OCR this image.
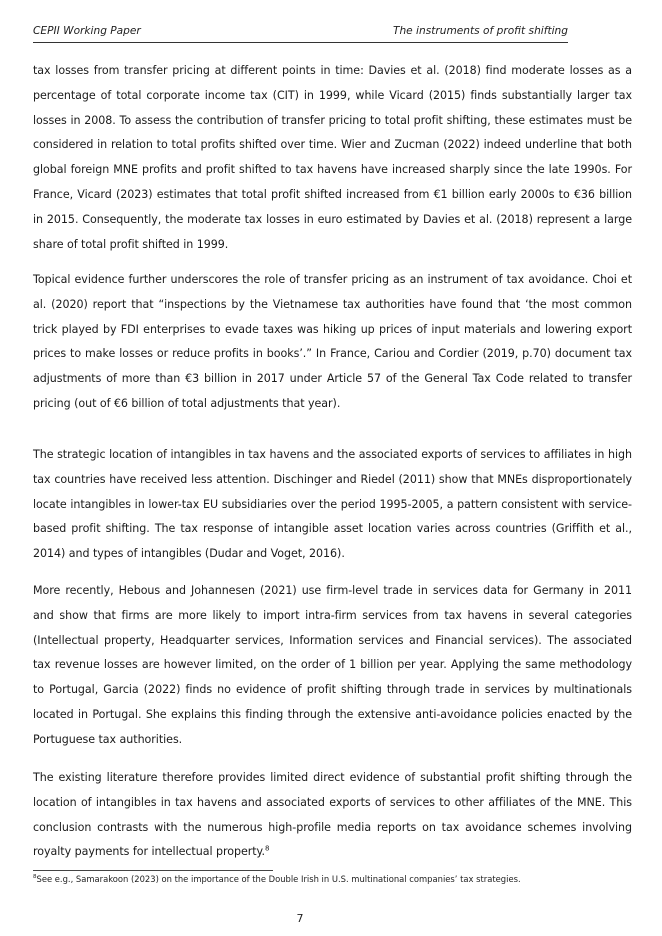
CEPII Working Paper	The instruments of profit shifting

tax losses from transfer pricing at different points in time: Davies et al. (2018) find moderate losses as a percentage of total corporate income tax (CIT) in 1999, while Vicard (2015) finds substantially larger tax losses in 2008. To assess the contribution of transfer pricing to total profit shifting, these estimates must be considered in relation to total profits shifted over time. Wier and Zucman (2022) indeed underline that both global foreign MNE profits and profit shifted to tax havens have increased sharply since the late 1990s. For France, Vicard (2023) estimates that total profit shifted increased from €1 billion early 2000s to €36 billion in 2015. Consequently, the moderate tax losses in euro estimated by Davies et al. (2018) represent a large share of total profit shifted in 1999.

Topical evidence further underscores the role of transfer pricing as an instrument of tax avoidance. Choi et al. (2020) report that “inspections by the Vietnamese tax authorities have found that ‘the most common trick played by FDI enterprises to evade taxes was hiking up prices of input materials and lowering export prices to make losses or reduce profits in books’.” In France, Cariou and Cordier (2019, p.70) document tax adjustments of more than €3 billion in 2017 under Article 57 of the General Tax Code related to transfer pricing (out of €6 billion of total adjustments that year).

The strategic location of intangibles in tax havens and the associated exports of services to affiliates in high tax countries have received less attention. Dischinger and Riedel (2011) show that MNEs disproportionately locate intangibles in lower-tax EU subsidiaries over the period 1995-2005, a pattern consistent with service-based profit shifting. The tax response of intangible asset location varies across countries (Griffith et al., 2014) and types of intangibles (Dudar and Voget, 2016).

More recently, Hebous and Johannesen (2021) use firm-level trade in services data for Germany in 2011 and show that firms are more likely to import intra-firm services from tax havens in several categories (Intellectual property, Headquarter services, Information services and Financial services). The associated tax revenue losses are however limited, on the order of 1 billion per year. Applying the same methodology to Portugal, Garcia (2022) finds no evidence of profit shifting through trade in services by multinationals located in Portugal. She explains this finding through the extensive anti-avoidance policies enacted by the Portuguese tax authorities.

The existing literature therefore provides limited direct evidence of substantial profit shifting through the location of intangibles in tax havens and associated exports of services to other affiliates of the MNE. This conclusion contrasts with the numerous high-profile media reports on tax avoidance schemes involving royalty payments for intellectual property.$^8$

$^8$See e.g., Samarakoon (2023) on the importance of the Double Irish in U.S. multinational companies’ tax strategies.
7
